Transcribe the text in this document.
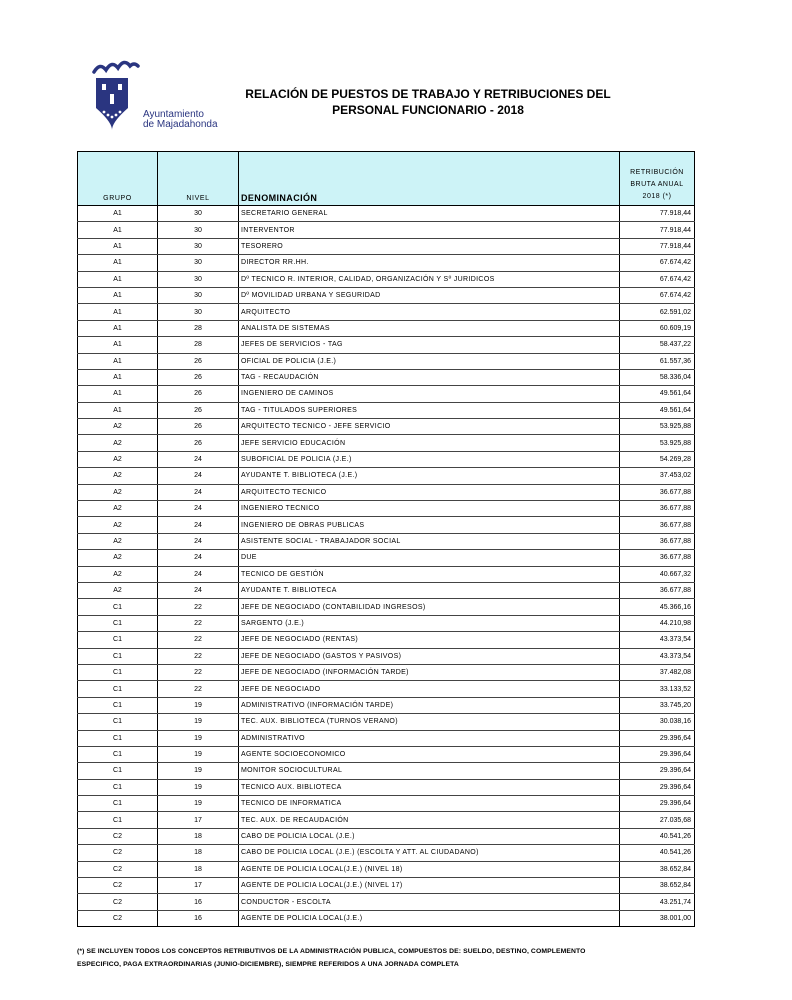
Ayuntamiento
de Majadahonda
RELACIÓN DE PUESTOS DE TRABAJO Y RETRIBUCIONES DEL
PERSONAL FUNCIONARIO - 2018
GRUPO	NIVEL	DENOMINACIÓN	RETRIBUCIÓN
BRUTA ANUAL
2018 (*)

A1	30	SECRETARIO GENERAL	77.918,44
A1	30	INTERVENTOR	77.918,44
A1	30	TESORERO	77.918,44
A1	30	DIRECTOR RR.HH.	67.674,42
A1	30	Dº TECNICO R. INTERIOR, CALIDAD, ORGANIZACIÓN Y Sº JURIDICOS	67.674,42
A1	30	Dº MOVILIDAD URBANA Y SEGURIDAD	67.674,42
A1	30	ARQUITECTO	62.591,02
A1	28	ANALISTA DE SISTEMAS	60.609,19
A1	28	JEFES DE SERVICIOS - TAG	58.437,22
A1	26	OFICIAL DE POLICIA (J.E.)	61.557,36
A1	26	TAG - RECAUDACIÓN	58.336,04
A1	26	INGENIERO DE CAMINOS	49.561,64
A1	26	TAG - TITULADOS SUPERIORES	49.561,64
A2	26	ARQUITECTO TECNICO - JEFE SERVICIO	53.925,88
A2	26	JEFE SERVICIO EDUCACIÓN	53.925,88
A2	24	SUBOFICIAL DE POLICIA (J.E.)	54.269,28
A2	24	AYUDANTE T. BIBLIOTECA (J.E.)	37.453,02
A2	24	ARQUITECTO TECNICO	36.677,88
A2	24	INGENIERO TECNICO	36.677,88
A2	24	INGENIERO DE OBRAS PUBLICAS	36.677,88
A2	24	ASISTENTE SOCIAL - TRABAJADOR SOCIAL	36.677,88
A2	24	DUE	36.677,88
A2	24	TECNICO DE GESTIÓN	40.667,32
A2	24	AYUDANTE T. BIBLIOTECA	36.677,88
C1	22	JEFE DE NEGOCIADO (CONTABILIDAD INGRESOS)	45.366,16
C1	22	SARGENTO (J.E.)	44.210,98
C1	22	JEFE DE NEGOCIADO (RENTAS)	43.373,54
C1	22	JEFE DE NEGOCIADO (GASTOS Y PASIVOS)	43.373,54
C1	22	JEFE DE NEGOCIADO (INFORMACIÓN TARDE)	37.482,08
C1	22	JEFE DE NEGOCIADO	33.133,52
C1	19	ADMINISTRATIVO (INFORMACIÓN TARDE)	33.745,20
C1	19	TEC. AUX. BIBLIOTECA (TURNOS VERANO)	30.038,16
C1	19	ADMINISTRATIVO	29.396,64
C1	19	AGENTE SOCIOECONOMICO	29.396,64
C1	19	MONITOR SOCIOCULTURAL	29.396,64
C1	19	TECNICO AUX. BIBLIOTECA	29.396,64
C1	19	TECNICO DE INFORMATICA	29.396,64
C1	17	TEC. AUX. DE RECAUDACIÓN	27.035,68
C2	18	CABO DE POLICIA LOCAL (J.E.)	40.541,26
C2	18	CABO DE POLICIA LOCAL (J.E.) (ESCOLTA Y ATT. AL CIUDADANO)	40.541,26
C2	18	AGENTE DE POLICIA LOCAL(J.E.) (NIVEL 18)	38.652,84
C2	17	AGENTE DE POLICIA LOCAL(J.E.) (NIVEL 17)	38.652,84
C2	16	CONDUCTOR - ESCOLTA	43.251,74
C2	16	AGENTE DE POLICIA LOCAL(J.E.)	38.001,00
(*) SE INCLUYEN TODOS LOS CONCEPTOS RETRIBUTIVOS DE LA ADMINISTRACIÓN PUBLICA, COMPUESTOS DE: SUELDO, DESTINO, COMPLEMENTO
ESPECIFICO, PAGA EXTRAORDINARIAS (JUNIO-DICIEMBRE), SIEMPRE REFERIDOS A UNA JORNADA COMPLETA
